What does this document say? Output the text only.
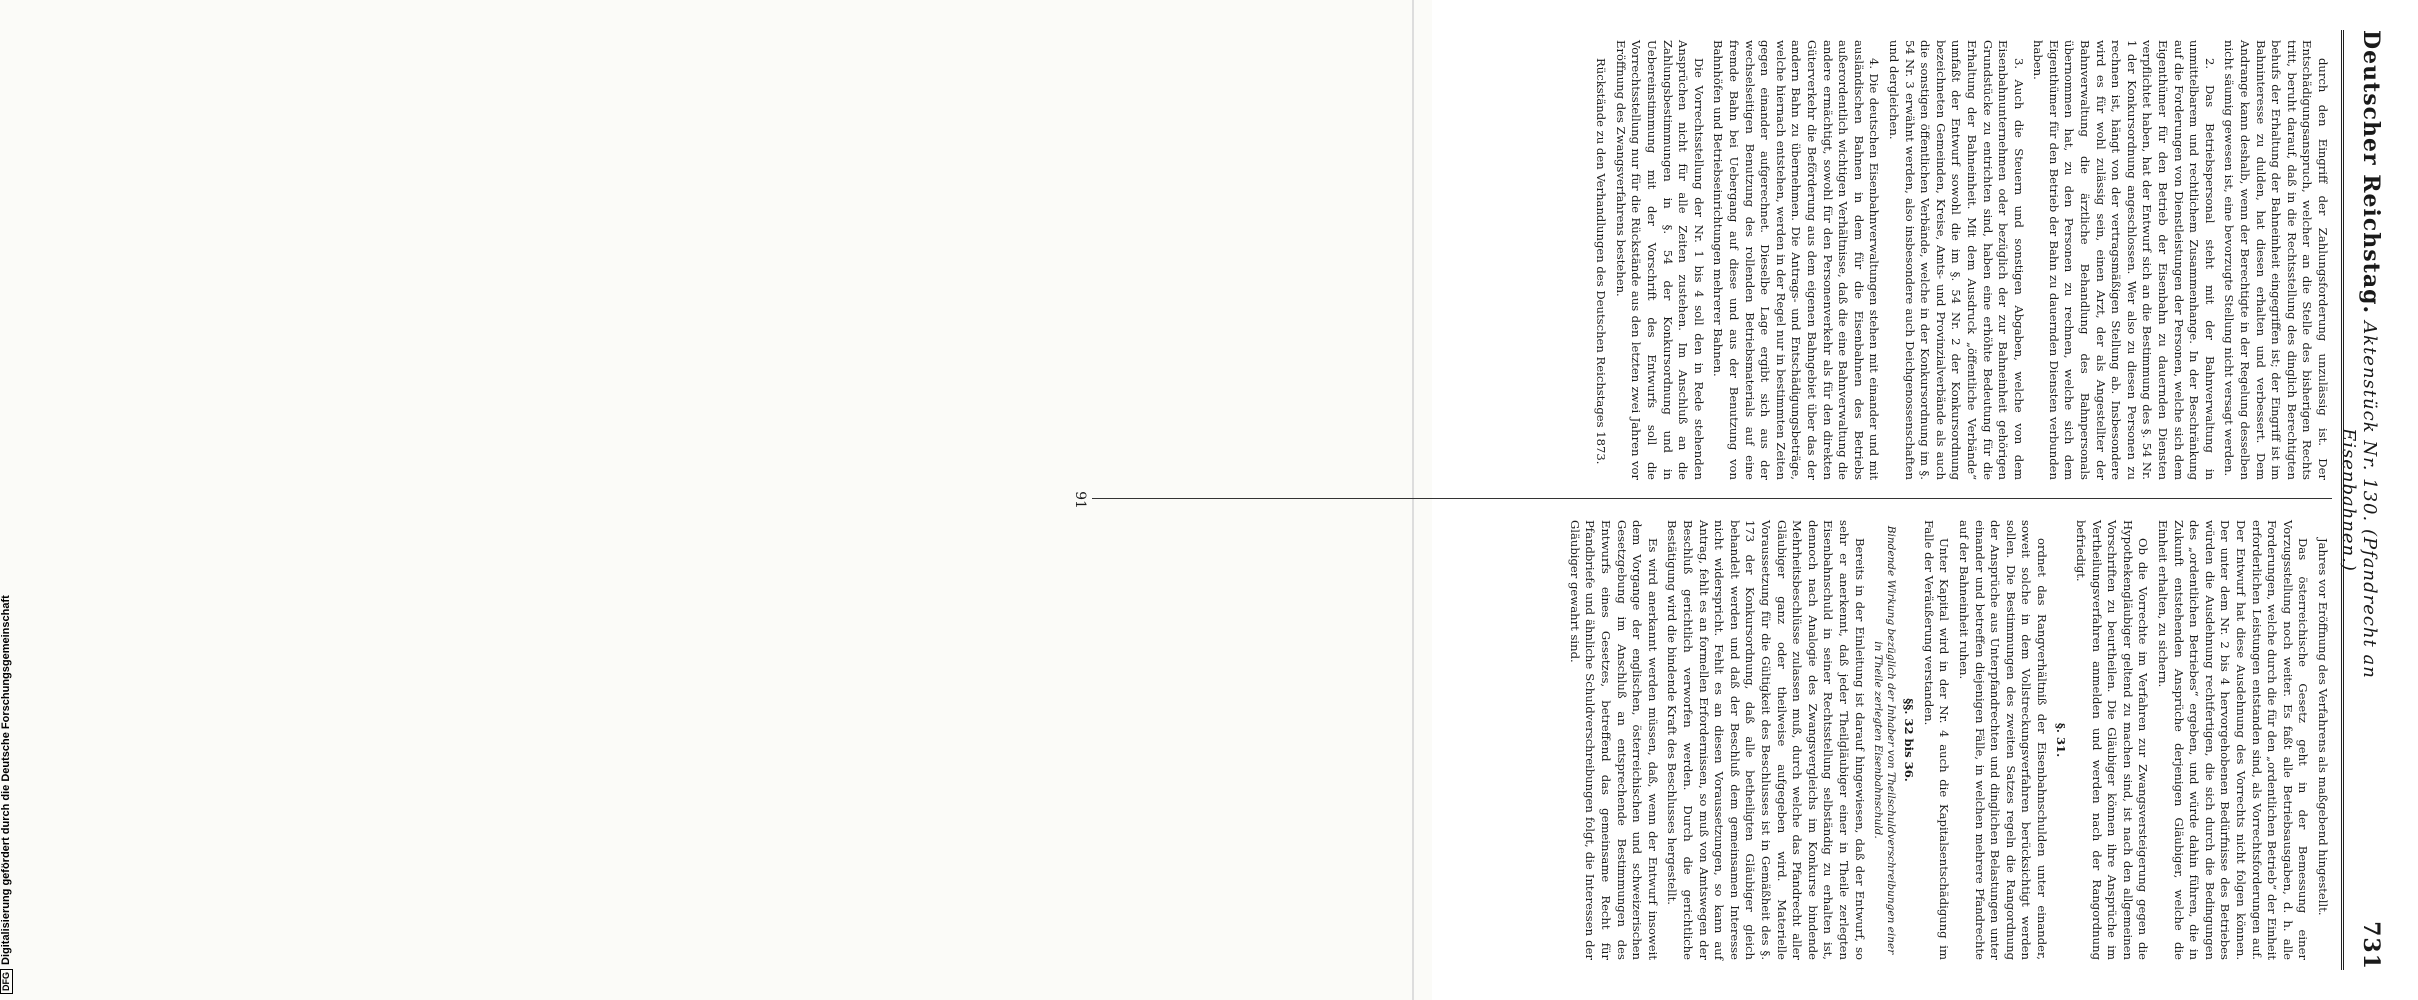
Deutscher Reichstag.
Aktenstück Nr. 130. (Pfandrecht an Eisenbahnen.)
731

durch den Eingriff der Zahlungsforderung unzulässig ist. Der Entschädigungsanspruch, welcher an die Stelle des bisherigen Rechts tritt, beruht darauf, daß in die Rechtsstellung des dinglich Berechtigten behufs der Erhaltung der Bahneinheit eingegriffen ist; der Eingriff ist im Bahninteresse zu dulden, hat diesen erhalten und verbessert. Dem Andrange kann deshalb, wenn der Berechtigte in der Regelung desselben nicht säumig gewesen ist, eine bevorzugte Stellung nicht versagt werden.

2. Das Betriebspersonal steht mit der Bahnverwaltung in unmittelbarem und rechtlichem Zusammenhange. In der Beschränkung auf die Forderungen von Dienstleistungen der Personen, welche sich dem Eigenthümer für den Betrieb der Eisenbahn zu dauernden Diensten verpflichtet haben, hat der Entwurf sich an die Bestimmung des §. 54 Nr. 1 der Konkursordnung angeschlossen. Wer also zu diesen Personen zu rechnen ist, hängt von der vertragsmäßigen Stellung ab. Insbesondere wird es für wohl zulässig sein, einen Arzt, der als Angestellter der Bahnverwaltung die ärztliche Behandlung des Bahnpersonals übernommen hat, zu den Personen zu rechnen, welche sich dem Eigenthümer für den Betrieb der Bahn zu dauernden Diensten verbunden haben.

3. Auch die Steuern und sonstigen Abgaben, welche von dem Eisenbahnunternehmen oder bezüglich der zur Bahneinheit gehörigen Grundstücke zu entrichten sind, haben eine erhöhte Bedeutung für die Erhaltung der Bahneinheit. Mit dem Ausdruck „öffentliche Verbände“ umfaßt der Entwurf sowohl die im §. 54 Nr. 2 der Konkursordnung bezeichneten Gemeinden, Kreise, Amts- und Provinzialverbände als auch die sonstigen öffentlichen Verbände, welche in der Konkursordnung im §. 54 Nr. 3 erwähnt werden, also insbesondere auch Deichgenossenschaften und dergleichen.

4. Die deutschen Eisenbahnverwaltungen stehen mit einander und mit ausländischen Bahnen in dem für die Eisenbahnen des Betriebs außerordentlich wichtigen Verhältnisse, daß die eine Bahnverwaltung die andere ermächtigt, sowohl für den Personenverkehr als für den direkten Güterverkehr die Beförderung aus dem eigenen Bahngebiet über das der andern Bahn zu übernehmen. Die Antrags- und Entschädigungsbeträge, welche hiernach entstehen, werden in der Regel nur in bestimmten Zeiten gegen einander aufgerechnet. Dieselbe Lage ergibt sich aus der wechselseitigen Benutzung des rollenden Betriebsmaterials auf eine fremde Bahn bei Uebergang auf diese und aus der Benutzung von Bahnhöfen und Betriebseinrichtungen mehrerer Bahnen.

Die Vorrechtsstellung der Nr. 1 bis 4 soll den in Rede stehenden Ansprüchen nicht für alle Zeiten zustehen. Im Anschluß an die Zahlungsbestimmungen in §. 54 der Konkursordnung und in Uebereinstimmung mit der Vorschrift des Entwurfs soll die Vorrechtsstellung nur für die Rückstände aus den letzten zwei Jahren vor Eröffnung des Zwangsverfahrens bestehen.

Rückstände zu den Verhandlungen des Deutschen Reichstages 1873.

Jahres vor Eröffnung des Verfahrens als maßgebend hingestellt.

Das österreichische Gesetz geht in der Bemessung einer Vorzugsstellung noch weiter. Es faßt alle Betriebsausgaben, d. h. alle Forderungen, welche durch die für den „ordentlichen Betrieb“ der Einheit erforderlichen Leistungen entstanden sind, als Vorrechtsforderungen auf. Der Entwurf hat diese Ausdehnung des Vorrechts nicht folgen können. Der unter dem Nr. 2 bis 4 hervorgehobenen Bedürfnisse des Betriebes würden die Ausdehnung rechtfertigen, die sich durch die Bedingungen des „ordentlichen Betriebes“ ergeben, und würde dahin führen, die in Zukunft entstehenden Ansprüche derjenigen Gläubiger, welche die Einheit erhalten, zu sichern.

Ob die Vorrechte im Verfahren zur Zwangsversteigerung gegen die Hypothekengläubiger geltend zu machen sind, ist nach den allgemeinen Vorschriften zu beurtheilen. Die Gläubiger können ihre Ansprüche im Vertheilungsverfahren anmelden und werden nach der Rangordnung befriedigt.

§. 31.

ordnet das Rangverhältniß der Eisenbahnschulden unter einander, soweit solche in dem Vollstreckungsverfahren berücksichtigt werden sollen. Die Bestimmungen des zweiten Satzes regeln die Rangordnung der Ansprüche aus Unterpfandrechten und dinglichen Belastungen unter einander und betreffen diejenigen Fälle, in welchen mehrere Pfandrechte auf der Bahneinheit ruhen.

Unter Kapital wird in der Nr. 4 auch die Kapitalsentschädigung im Falle der Veräußerung verstanden.

§§. 32 bis 36.

Bindende Wirkung bezüglich der Inhaber von Theilschuldverschreibungen einer in Theile zerlegten Eisenbahnschuld.

Bereits in der Einleitung ist darauf hingewiesen, daß der Entwurf, so sehr er anerkennt, daß jeder Theilgläubiger einer in Theile zerlegten Eisenbahnschuld in seiner Rechtsstellung selbständig zu erhalten ist, dennoch nach Analogie des Zwangsvergleichs im Konkurse bindende Mehrheitsbeschlüsse zulassen muß, durch welche das Pfandrecht aller Gläubiger ganz oder theilweise aufgegeben wird. Materielle Voraussetzung für die Gültigkeit des Beschlusses ist in Gemäßheit des §. 173 der Konkursordnung, daß alle betheiligten Gläubiger gleich behandelt werden und daß der Beschluß dem gemeinsamen Interesse nicht widerspricht. Fehlt es an diesen Voraussetzungen, so kann auf Antrag, fehlt es an formellen Erfordernissen, so muß von Amtswegen der Beschluß gerichtlich verworfen werden. Durch die gerichtliche Bestätigung wird die bindende Kraft des Beschlusses hergestellt.

Es wird anerkannt werden müssen, daß, wenn der Entwurf insoweit dem Vorgange der englischen, österreichischen und schweizerischen Gesetzgebung im Anschluß an entsprechende Bestimmungen des Entwurfs eines Gesetzes, betreffend das gemeinsame Recht für Pfandbriefe und ähnliche Schuldverschreibungen folgt, die Interessen der Gläubiger gewahrt sind.

91
DFG
Digitalisierung gefördert durch die Deutsche Forschungsgemeinschaft
